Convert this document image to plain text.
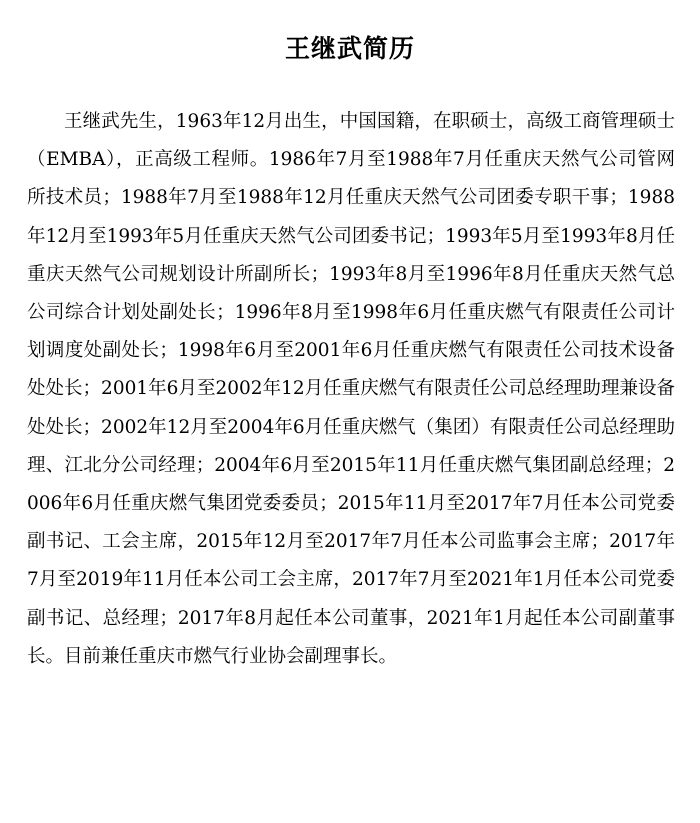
王继武简历

王继武先生，1963年12月出生，中国国籍，在职硕士，高级工商管理硕士（EMBA），正高级工程师。1986年7月至1988年7月任重庆天然气公司管网所技术员；1988年7月至1988年12月任重庆天然气公司团委专职干事；1988年12月至1993年5月任重庆天然气公司团委书记；1993年5月至1993年8月任重庆天然气公司规划设计所副所长；1993年8月至1996年8月任重庆天然气总公司综合计划处副处长；1996年8月至1998年6月任重庆燃气有限责任公司计划调度处副处长；1998年6月至2001年6月任重庆燃气有限责任公司技术设备处处长；2001年6月至2002年12月任重庆燃气有限责任公司总经理助理兼设备处处长；2002年12月至2004年6月任重庆燃气（集团）有限责任公司总经理助理、江北分公司经理；2004年6月至2015年11月任重庆燃气集团副总经理；2006年6月任重庆燃气集团党委委员；2015年11月至2017年7月任本公司党委副书记、工会主席，2015年12月至2017年7月任本公司监事会主席；2017年7月至2019年11月任本公司工会主席，2017年7月至2021年1月任本公司党委副书记、总经理；2017年8月起任本公司董事，2021年1月起任本公司副董事长。目前兼任重庆市燃气行业协会副理事长。
